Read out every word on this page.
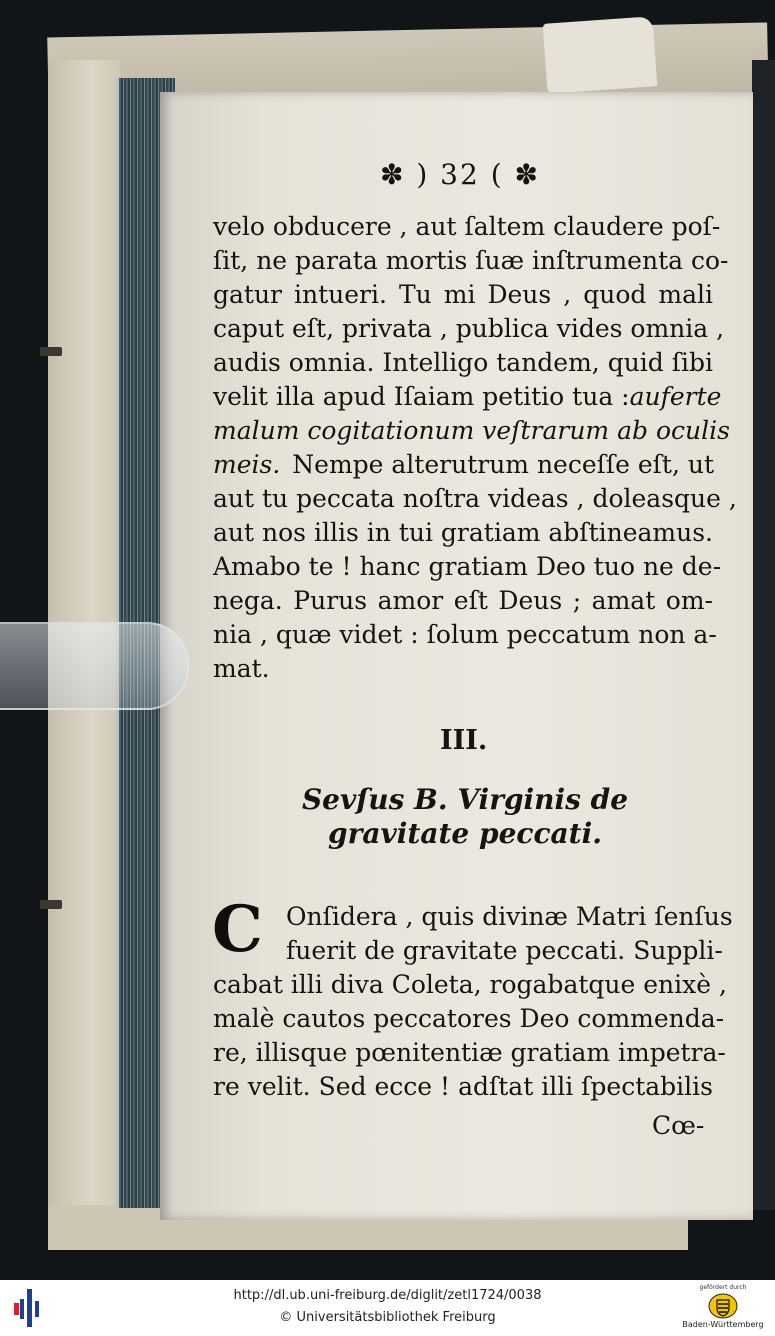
✽ ) 32 ( ✽
velo obducere , aut ſaltem claudere poſ-
ſit, ne parata mortis ſuæ inſtrumenta co-
gatur intueri. Tu mi Deus , quod mali
caput eſt, privata , publica vides omnia ,
audis omnia. Intelligo tandem, quid ſibi
velit illa apud Iſaiam petitio tua : auferte
malum cogitationum veſtrarum ab oculis
meis. Nempe alterutrum neceſſe eſt, ut
aut tu peccata noſtra videas , doleasque ,
aut nos illis in tui gratiam abſtineamus.
Amabo te ! hanc gratiam Deo tuo ne de-
nega. Purus amor eſt Deus ; amat om-
nia , quæ videt : ſolum peccatum non a-
mat.
III.
Sevſus B. Virginis de gravitate peccati.
C Onſidera , quis divinæ Matri ſenſus
fuerit de gravitate peccati. Suppli-
cabat illi diva Coleta, rogabatque enixè ,
malè cautos peccatores Deo commenda-
re, illisque pœnitentiæ gratiam impetra-
re velit. Sed ecce ! adſtat illi ſpectabilis
Cœ-
http://dl.ub.uni-freiburg.de/diglit/zetl1724/0038
© Universitätsbibliothek Freiburg
gefördert durch
Baden-Württemberg
